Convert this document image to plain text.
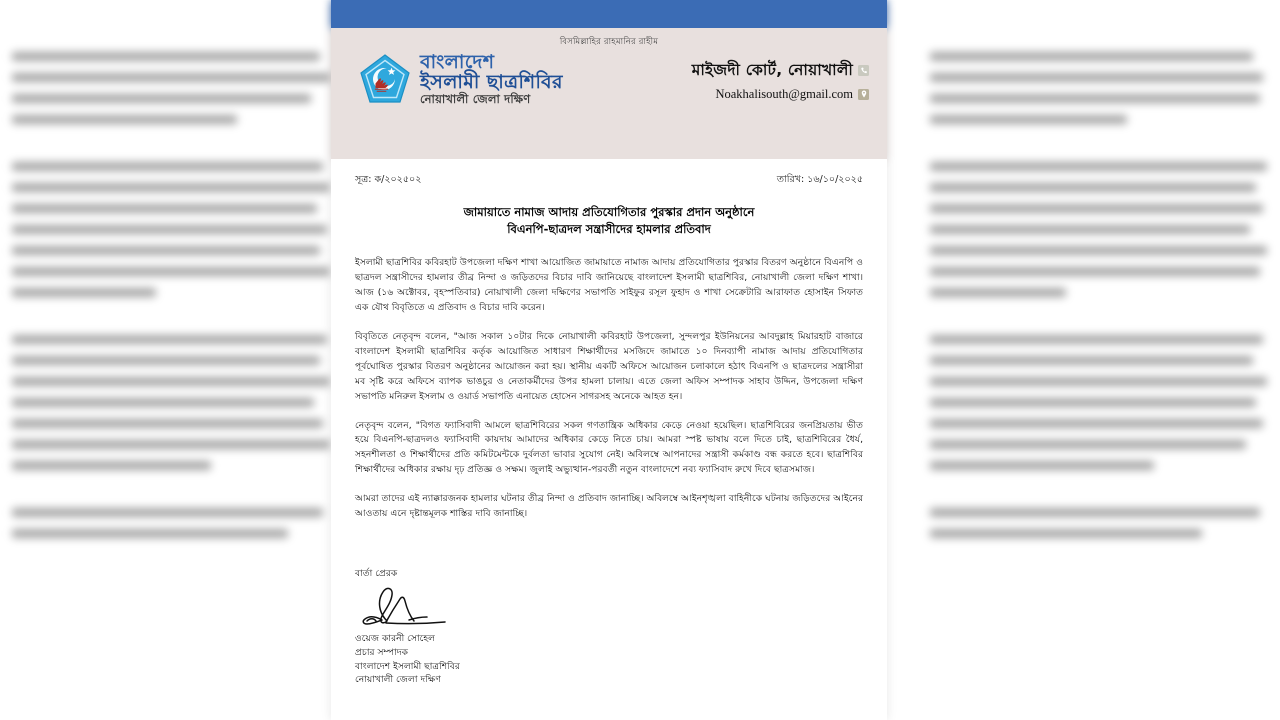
বিসমিল্লাহির রাহমানির রাহীম
বাংলাদেশ
ইসলামী ছাত্রশিবির
নোয়াখালী জেলা দক্ষিণ
মাইজদী কোর্ট, নোয়াখালী
Noakhalisouth@gmail.com
সূত্র: ক/২০২৫০২	তারিখ: ১৬/১০/২০২৫
জামায়াতে নামাজ আদায় প্রতিযোগিতার পুরস্কার প্রদান অনুষ্ঠানে
বিএনপি-ছাত্রদল সন্ত্রাসীদের হামলার প্রতিবাদ

ইসলামী ছাত্রশিবির কবিরহাট উপজেলা দক্ষিণ শাখা আয়োজিত জামায়াতে নামাজ আদায় প্রতিযোগিতার পুরস্কার বিতরণ অনুষ্ঠানে বিএনপি ও ছাত্রদল সন্ত্রাসীদের হামলার তীব্র নিন্দা ও জড়িতদের বিচার দাবি জানিয়েছে বাংলাদেশ ইসলামী ছাত্রশিবির, নোয়াখালী জেলা দক্ষিণ শাখা। আজ (১৬ অক্টোবর, বৃহস্পতিবার) নোয়াখালী জেলা দক্ষিণের সভাপতি সাইফুর রসূল ফুহাদ ও শাখা সেক্রেটারি আরাফাত হোসাইন সিফাত এক যৌথ বিবৃতিতে এ প্রতিবাদ ও বিচার দাবি করেন।

বিবৃতিতে নেতৃবৃন্দ বলেন, "আজ সকাল ১০টার দিকে নোয়াখালী কবিরহাট উপজেলা, সুন্দলপুর ইউনিয়নের আবদুল্লাহ মিয়ারহাট বাজারে বাংলাদেশ ইসলামী ছাত্রশিবির কর্তৃক আয়োজিত সাধারণ শিক্ষার্থীদের মসজিদে জামাতে ১০ দিনব্যাপী নামাজ আদায় প্রতিযোগিতার পূর্বঘোষিত পুরস্কার বিতরণ অনুষ্ঠানের আয়োজন করা হয়। স্থানীয় একটি অফিসে আয়োজন চলাকালে হঠাৎ বিএনপি ও ছাত্রদলের সন্ত্রাসীরা মব সৃষ্টি করে অফিসে ব্যাপক ভাঙচুর ও নেতাকর্মীদের উপর হামলা চালায়। এতে জেলা অফিস সম্পাদক সাহাব উদ্দিন, উপজেলা দক্ষিণ সভাপতি মনিরুল ইসলাম ও ওয়ার্ড সভাপতি এনায়েত হোসেন সাগরসহ অনেকে আহত হন।

নেতৃবৃন্দ বলেন, "বিগত ফ্যাসিবাদী আমলে ছাত্রশিবিরের সকল গণতান্ত্রিক অধিকার কেড়ে নেওয়া হয়েছিল। ছাত্রশিবিরের জনপ্রিয়তায় ভীত হয়ে বিএনপি-ছাত্রদলও ফ্যাসিবাদী কায়দায় আমাদের অধিকার কেড়ে নিতে চায়। আমরা স্পষ্ট ভাষায় বলে দিতে চাই, ছাত্রশিবিরের ধৈর্য, সহনশীলতা ও শিক্ষার্থীদের প্রতি কমিটমেন্টকে দুর্বলতা ভাবার সুযোগ নেই। অবিলম্বে আপনাদের সন্ত্রাসী কর্মকাণ্ড বন্ধ করতে হবে। ছাত্রশিবির শিক্ষার্থীদের অধিকার রক্ষায় দৃঢ় প্রতিজ্ঞ ও সক্ষম। জুলাই অভ্যুত্থান-পরবর্তী নতুন বাংলাদেশে নব্য ফ্যাসিবাদ রুখে দিবে ছাত্রসমাজ।

আমরা তাদের এই ন্যাক্কারজনক হামলার ঘটনার তীব্র নিন্দা ও প্রতিবাদ জানাচ্ছি। অবিলম্বে আইনশৃঙ্খলা বাহিনীকে ঘটনায় জড়িতদের আইনের আওতায় এনে দৃষ্টান্তমূলক শাস্তির দাবি জানাচ্ছি।

বার্তা প্রেরক
ওয়েজ কারনী সোহেল
প্রচার সম্পাদক
বাংলাদেশ ইসলামী ছাত্রশিবির
নোয়াখালী জেলা দক্ষিণ
